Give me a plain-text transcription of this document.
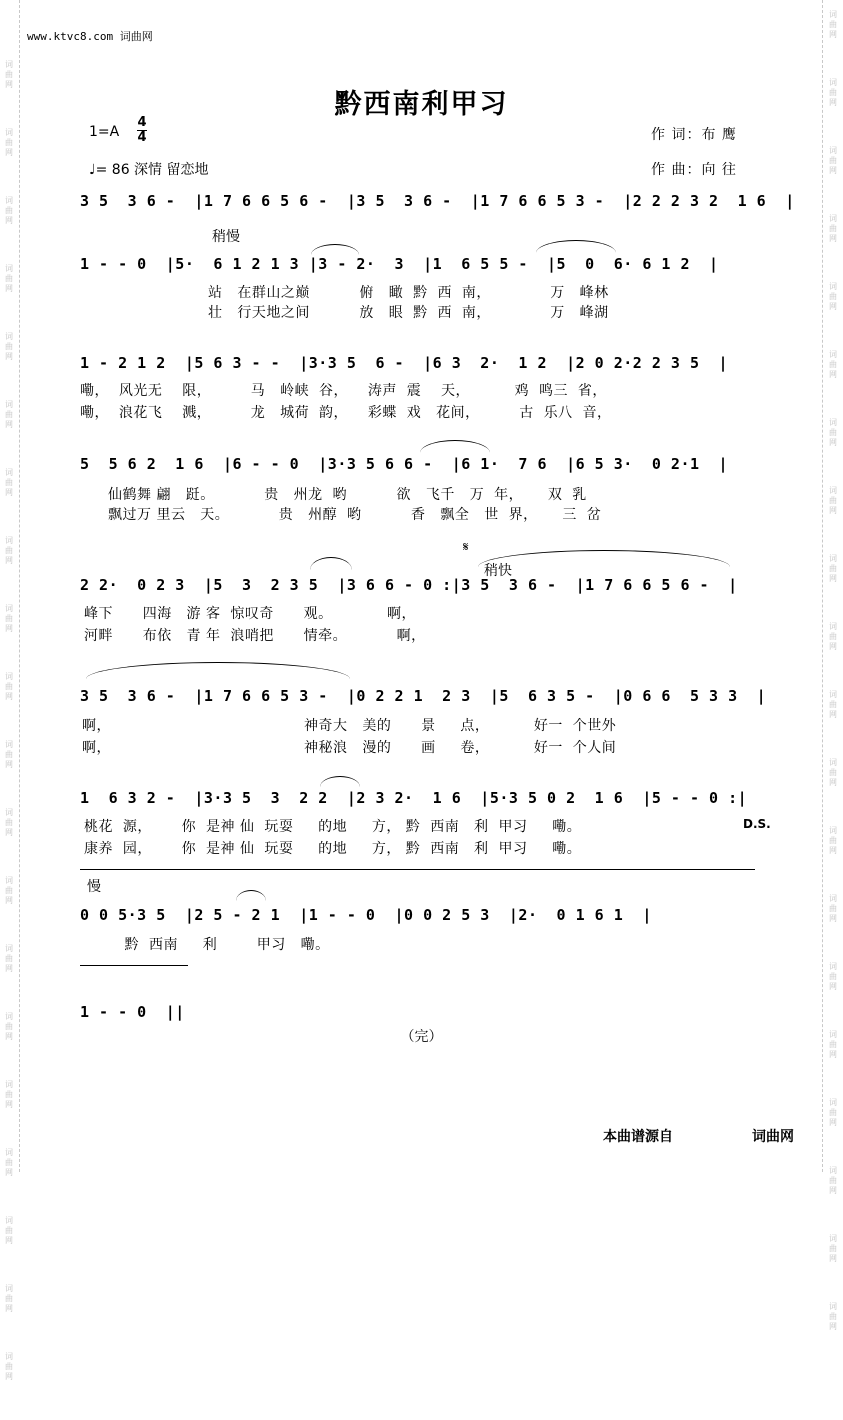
词
曲
网
词
曲
网
词
曲
网
词
曲
网
词
曲
网
词
曲
网
词
曲
网
词
曲
网
词
曲
网
词
曲
网
词
曲
网
词
曲
网
词
曲
网
词
曲
网
词
曲
网
词
曲
网
词
曲
网
词
曲
网
词
曲
网
词
曲
网
词
曲
网
词
曲
网
词
曲
网
词
曲
网
词
曲
网
词
曲
网
词
曲
网
词
曲
网
词
曲
网
词
曲
网
词
曲
网
词
曲
网
词
曲
网
词
曲
网
词
曲
网
词
曲
网
词
曲
网
词
曲
网
词
曲
网
词
曲
网
www.ktvc8.com 词曲网
黔西南利甲习
1=A
4
4
♩= 86 深情 留恋地
作 词：布 鹰
作 曲：向 往
3 5  3 6 -  |1 7 6 6 5 6 -  |3 5  3 6 -  |1 7 6 6 5 3 -  |2 2 2 3 2  1 6  |
稍慢
1 - - 0  |5·  6 1 2 1 3 |3 - 2·  3  |1  6 5 5 -  |5  0  6· 6 1 2  |
站   在群山之巅          俯   瞰  黔  西  南，            万   峰林
壮   行天地之间          放   眼  黔  西  南，            万   峰湖
1 - 2 1 2  |5 6 3 - -  |3·3 5  6 -  |6 3  2·  1 2  |2 0 2·2 2 3 5  |
嘞，  风光无    限，        马   岭峡  谷，    涛声  震    天，         鸡  鸣三  省，
嘞，  浪花飞    溅，        龙   城荷  韵，    彩蝶  戏   花间，        古  乐八  音，
5  5 6 2  1 6  |6 - - 0  |3·3 5 6 6 -  |6 1·  7 6  |6 5 3·  0 2·1  |
仙鹤舞 翩   跹。          贵   州龙  哟          欲   飞千   万  年，     双  乳
飘过万 里云   天。          贵   州醇  哟          香   飘全   世  界，     三  岔
𝄋
稍快
2 2·  0 2 3  |5  3  2 3 5  |3 6 6 - 0 :|3 5  3 6 -  |1 7 6 6 5 6 -  |
峰下      四海   游 客  惊叹奇      观。           啊，
河畔      布依   青 年  浪哨把      情牵。          啊，
3 5  3 6 -  |1 7 6 6 5 3 -  |0 2 2 1  2 3  |5  6 3 5 -  |0 6 6  5 3 3  |
啊，                                       神奇大   美的      景     点，         好一  个世外
啊，                                       神秘浪   漫的      画     卷，         好一  个人间
1  6 3 2 -  |3·3 5  3  2 2  |2 3 2·  1 6  |5·3 5 0 2  1 6  |5 - - 0 :|
D.S.
桃花  源，      你  是神 仙  玩耍     的地     方， 黔  西南   利  甲习     嘞。
康养  园，      你  是神 仙  玩耍     的地     方， 黔  西南   利  甲习     嘞。
慢
0 0 5·3 5  |2 5 - 2 1  |1 - - 0  |0 0 2 5 3  |2·  0 1 6 1  |
黔  西南     利        甲习   嘞。
1 - - 0  ||
（完）
本曲谱源自	词曲网
